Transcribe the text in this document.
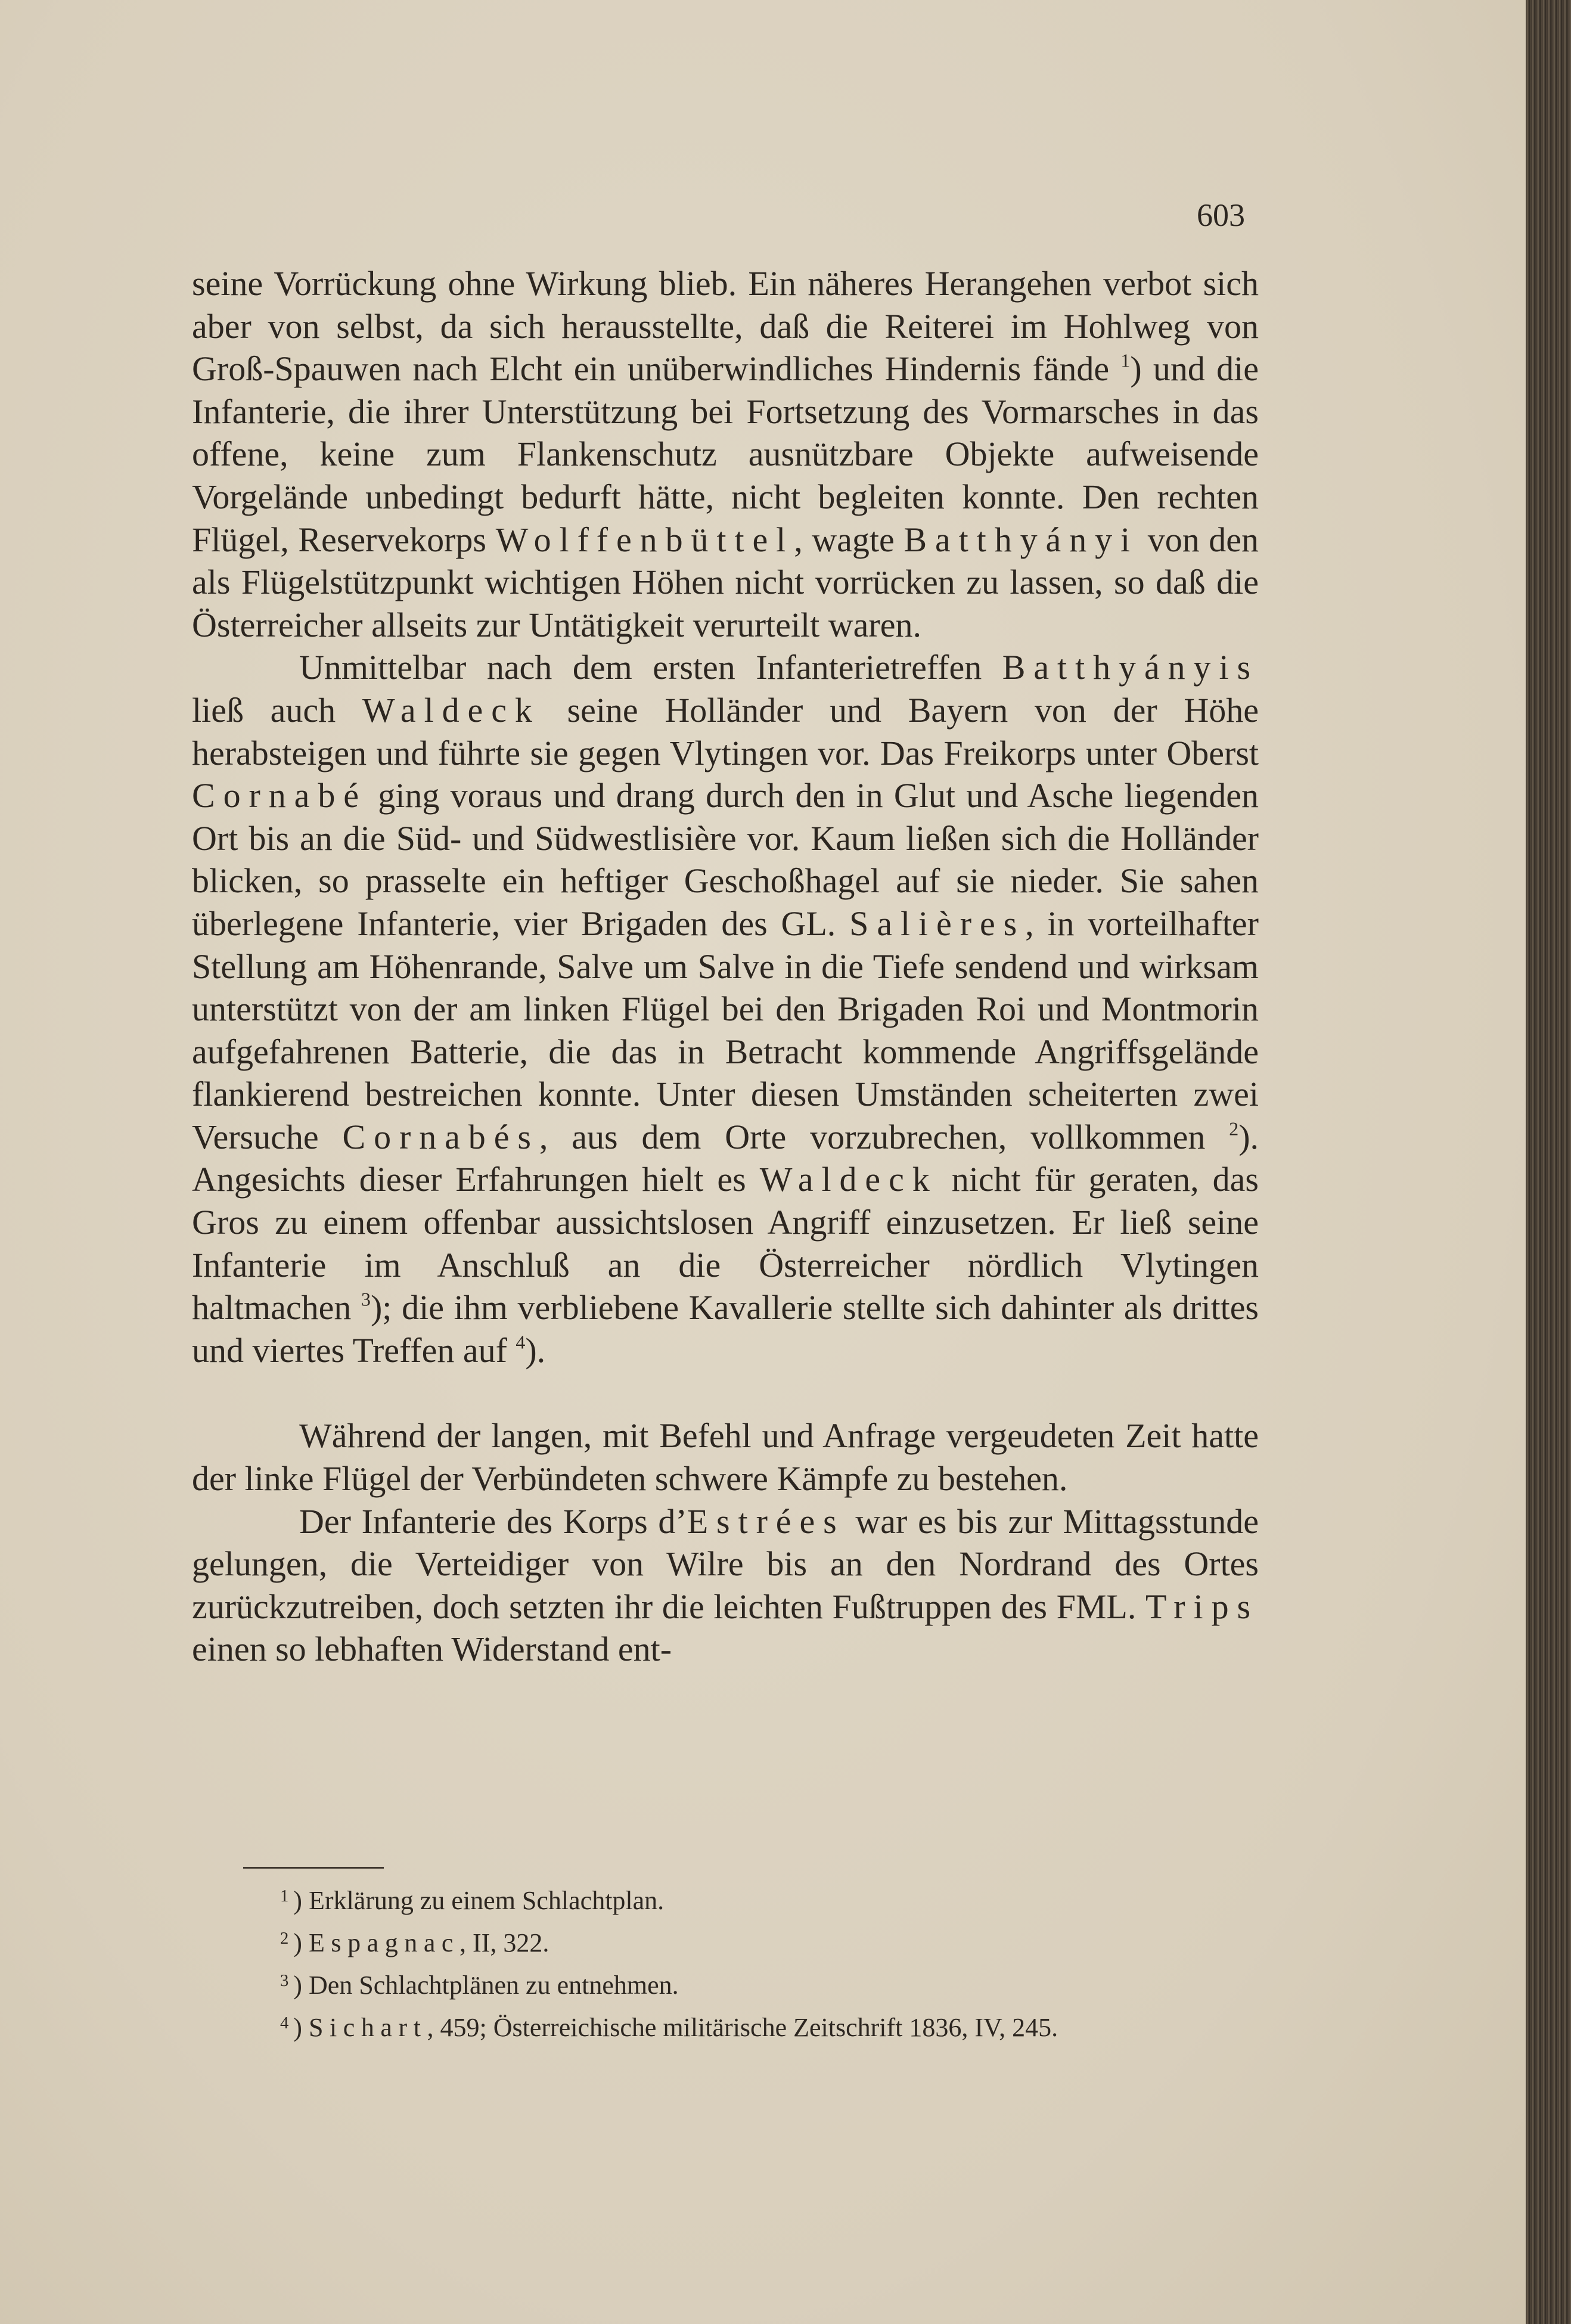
603

seine Vorrückung ohne Wirkung blieb. Ein näheres Herangehen verbot sich aber von selbst, da sich herausstellte, daß die Reiterei im Hohlweg von Groß-Spauwen nach Elcht ein unüberwindliches Hindernis fände $^1$) und die Infanterie, die ihrer Unterstützung bei Fortsetzung des Vormarsches in das offene, keine zum Flankenschutz ausnützbare Objekte aufweisende Vorgelände unbedingt bedurft hätte, nicht begleiten konnte. Den rechten Flügel, Reservekorps Wolffenbüttel, wagte Batthyányi von den als Flügelstützpunkt wichtigen Höhen nicht vorrücken zu lassen, so daß die Österreicher allseits zur Untätigkeit verurteilt waren.

Unmittelbar nach dem ersten Infanterietreffen Batthyányis ließ auch Waldeck seine Holländer und Bayern von der Höhe herabsteigen und führte sie gegen Vlytingen vor. Das Freikorps unter Oberst Cornabé ging voraus und drang durch den in Glut und Asche liegenden Ort bis an die Süd- und Südwestlisière vor. Kaum ließen sich die Holländer blicken, so prasselte ein heftiger Geschoßhagel auf sie nieder. Sie sahen überlegene Infanterie, vier Brigaden des GL. Salières, in vorteilhafter Stellung am Höhenrande, Salve um Salve in die Tiefe sendend und wirksam unterstützt von der am linken Flügel bei den Brigaden Roi und Montmorin aufgefahrenen Batterie, die das in Betracht kommende Angriffsgelände flankierend bestreichen konnte. Unter diesen Umständen scheiterten zwei Versuche Cornabés, aus dem Orte vorzubrechen, vollkommen $^2$). Angesichts dieser Erfahrungen hielt es Waldeck nicht für geraten, das Gros zu einem offenbar aussichtslosen Angriff einzusetzen. Er ließ seine Infanterie im Anschluß an die Österreicher nördlich Vlytingen haltmachen $^3$); die ihm verbliebene Kavallerie stellte sich dahinter als drittes und viertes Treffen auf $^4$).

Während der langen, mit Befehl und Anfrage vergeudeten Zeit hatte der linke Flügel der Verbündeten schwere Kämpfe zu bestehen.

Der Infanterie des Korps d’Estrées war es bis zur Mittagsstunde gelungen, die Verteidiger von Wilre bis an den Nordrand des Ortes zurückzutreiben, doch setzten ihr die leichten Fußtruppen des FML. Trips einen so lebhaften Widerstand ent-

$^1$ ) Erklärung zu einem Schlachtplan.
$^2$ ) Espagnac, II, 322.
$^3$ ) Den Schlachtplänen zu entnehmen.
$^4$ ) Sichart, 459; Österreichische militärische Zeitschrift 1836, IV, 245.
